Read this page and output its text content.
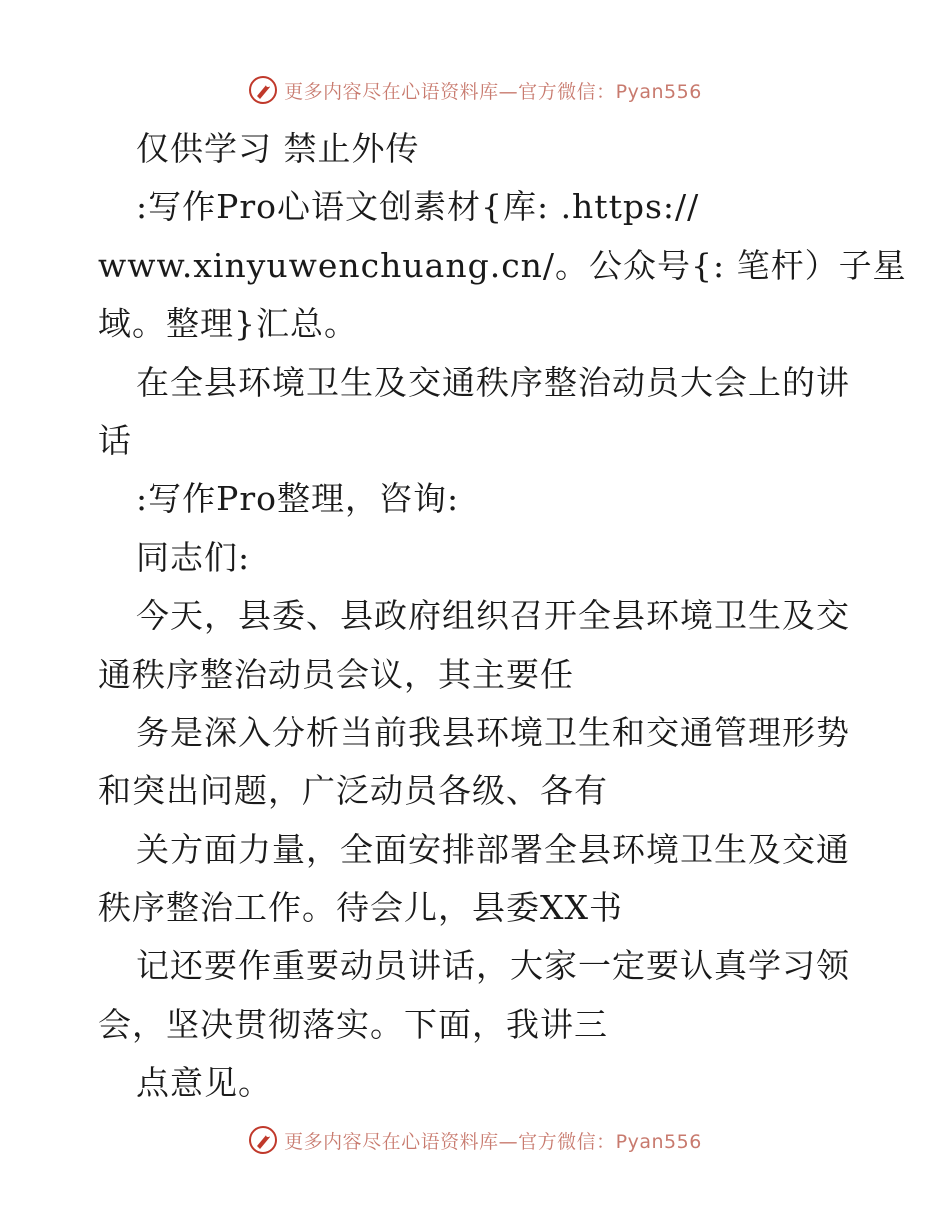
更多内容尽在心语资料库—官方微信：Pyan556
仅供学习 禁止外传
:写作Pro心语文创素材{库: .https://
www.xinyuwenchuang.cn/。公众号{: 笔杆）子星
域。整理}汇总。
在全县环境卫生及交通秩序整治动员大会上的讲
话
:写作Pro整理，咨询:
同志们:
今天，县委、县政府组织召开全县环境卫生及交
通秩序整治动员会议，其主要任
务是深入分析当前我县环境卫生和交通管理形势
和突出问题，广泛动员各级、各有
关方面力量，全面安排部署全县环境卫生及交通
秩序整治工作。待会儿，县委XX书
记还要作重要动员讲话，大家一定要认真学习领
会，坚决贯彻落实。下面，我讲三
点意见。
更多内容尽在心语资料库—官方微信：Pyan556
